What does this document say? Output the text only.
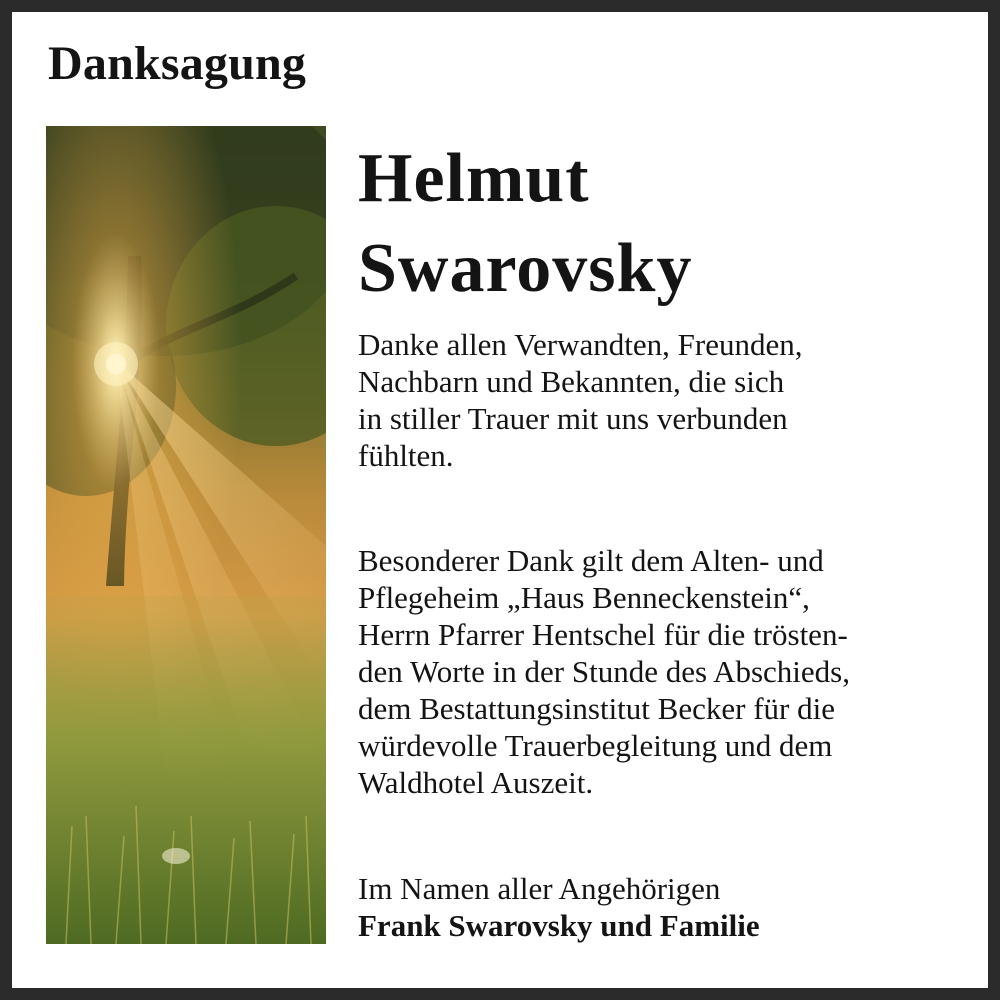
Danksagung
Helmut
Swarovsky
Danke allen Verwandten, Freunden,
Nachbarn und Bekannten, die sich
in stiller Trauer mit uns verbunden
fühlten.
Besonderer Dank gilt dem Alten- und
Pflegeheim „Haus Benneckenstein“,
Herrn Pfarrer Hentschel für die trösten-
den Worte in der Stunde des Abschieds,
dem Bestattungsinstitut Becker für die
würdevolle Trauerbegleitung und dem
Waldhotel Auszeit.
Im Namen aller Angehörigen
Frank Swarovsky und Familie
